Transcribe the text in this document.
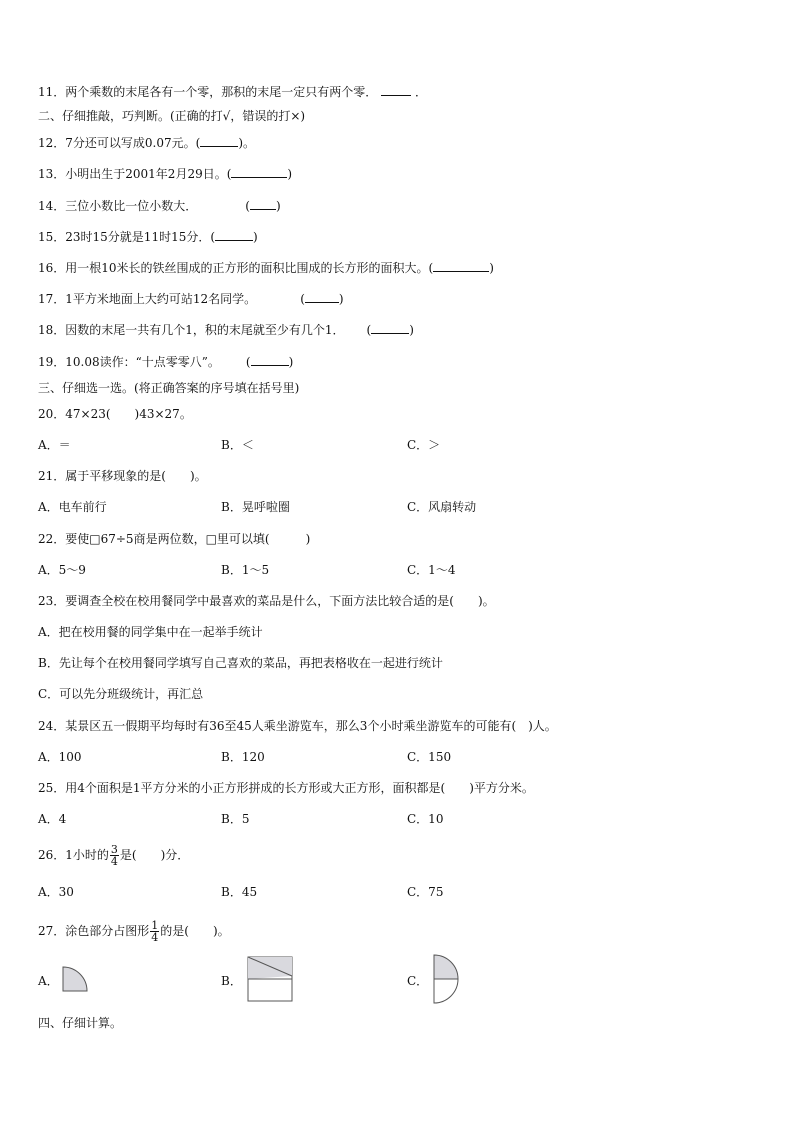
11．两个乘数的末尾各有一个零，那积的末尾一定只有两个零．	．
二、仔细推敲，巧判断。(正确的打√，错误的打×)
12．7分还可以写成0.07元。(	)。
13．小明出生于2001年2月29日。(	)
14．三位小数比一位小数大．	( )
15．23时15分就是11时15分．(	)
16．用一根10米长的铁丝围成的正方形的面积比围成的长方形的面积大。(	)
17．1平方米地面上大约可站12名同学。	(	)
18．因数的末尾一共有几个1，积的末尾就至少有几个1． (	)
19．10.08读作：“十点零零八”。 (	)
三、仔细选一选。(将正确答案的序号填在括号里)
20．47×23(　　)43×27。
A．＝	B．＜	C．＞
21．属于平移现象的是(　　)。
A．电车前行	B．晃呼啦圈	C．风扇转动
22．要使□67÷5商是两位数，□里可以填(　　　)
A．5～9	B．1～5	C．1～4
23．要调查全校在校用餐同学中最喜欢的菜品是什么，下面方法比较合适的是(　　)。
A．把在校用餐的同学集中在一起举手统计
B．先让每个在校用餐同学填写自己喜欢的菜品，再把表格收在一起进行统计
C．可以先分班级统计，再汇总
24．某景区五一假期平均每时有36至45人乘坐游览车，那么3个小时乘坐游览车的可能有(　)人。
A．100	B．120	C．150
25．用4个面积是1平方分米的小正方形拼成的长方形或大正方形，面积都是(　　)平方分米。
A．4	B．5	C．10
26．1小时的 $\frac{3}{4}$ 是(　　)分．
A．30	B．45	C．75
27．涂色部分占图形 $\frac{1}{4}$ 的是(　　)。
A．	B．	C．
四、仔细计算。
